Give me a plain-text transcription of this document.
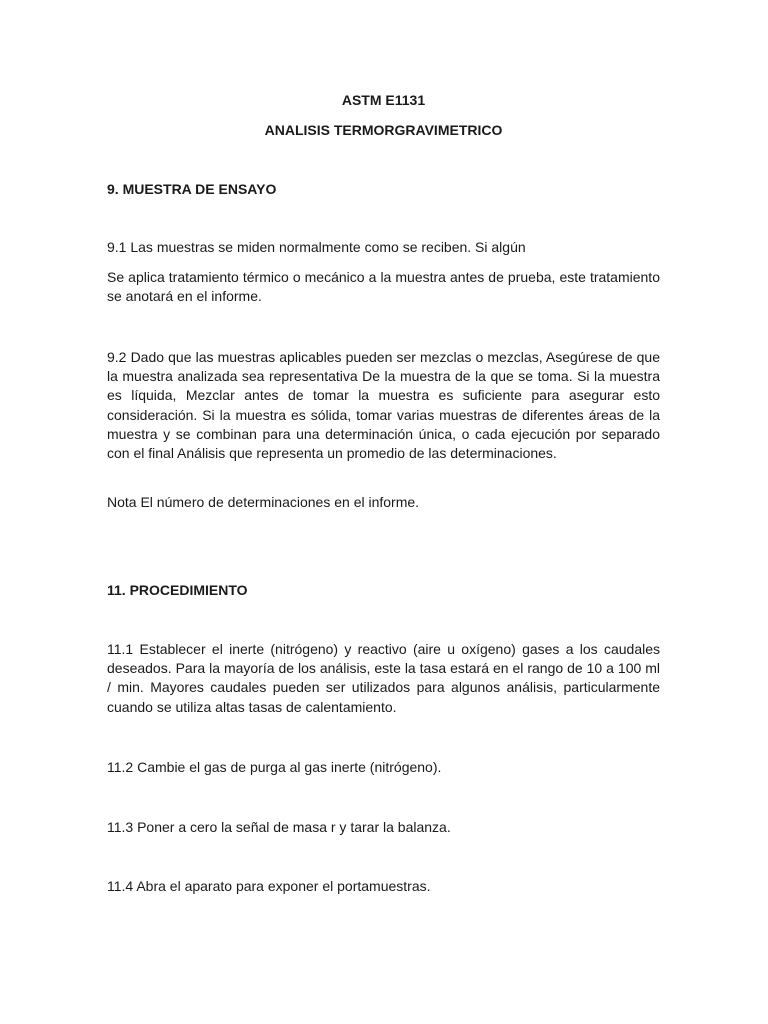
ASTM E1131

ANALISIS TERMORGRAVIMETRICO

9. MUESTRA DE ENSAYO

9.1 Las muestras se miden normalmente como se reciben. Si algún

Se aplica tratamiento térmico o mecánico a la muestra antes de prueba, este tratamiento se anotará en el informe.

9.2 Dado que las muestras aplicables pueden ser mezclas o mezclas, Asegúrese de que la muestra analizada sea representativa De la muestra de la que se toma. Si la muestra es líquida, Mezclar antes de tomar la muestra es suficiente para asegurar esto consideración. Si la muestra es sólida, tomar varias muestras de diferentes áreas de la muestra y se combinan para una determinación única, o cada ejecución por separado con el final Análisis que representa un promedio de las determinaciones.

Nota El número de determinaciones en el informe.

11. PROCEDIMIENTO

11.1 Establecer el inerte (nitrógeno) y reactivo (aire u oxígeno) gases a los caudales deseados. Para la mayoría de los análisis, este la tasa estará en el rango de 10 a 100 ml / min. Mayores caudales pueden ser utilizados para algunos análisis, particularmente cuando se utiliza altas tasas de calentamiento.

11.2 Cambie el gas de purga al gas inerte (nitrógeno).

11.3 Poner a cero la señal de masa r y tarar la balanza.

11.4 Abra el aparato para exponer el portamuestras.
